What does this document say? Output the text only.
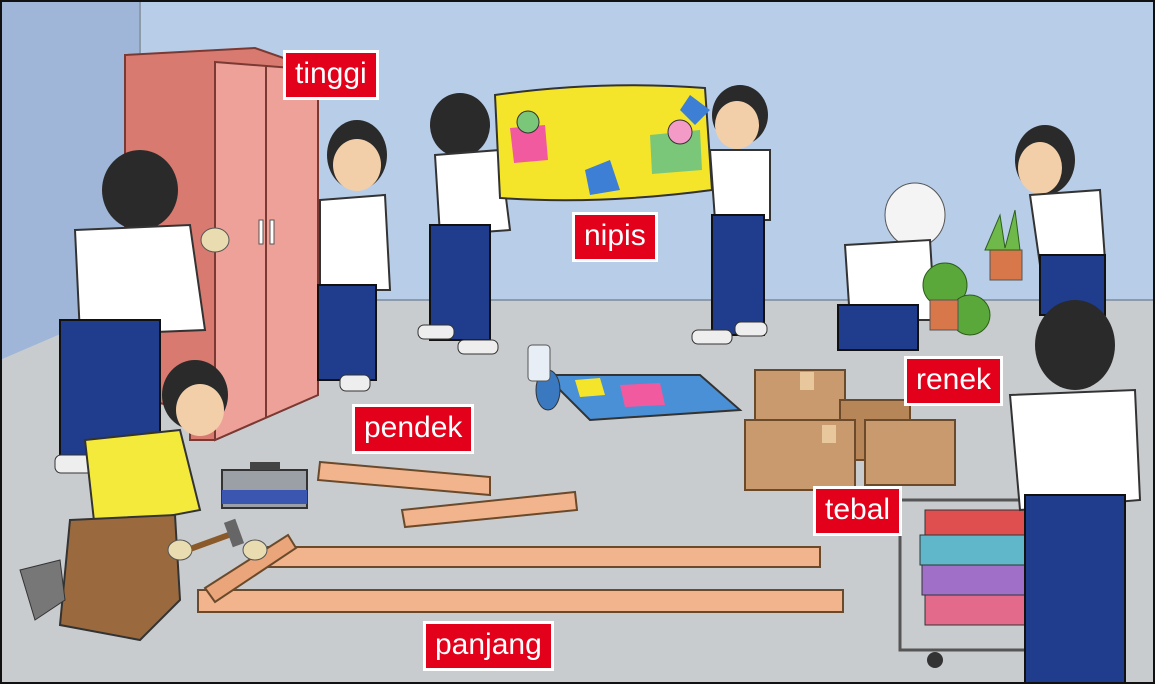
tinggi
nipis
pendek
renek
tebal
panjang
